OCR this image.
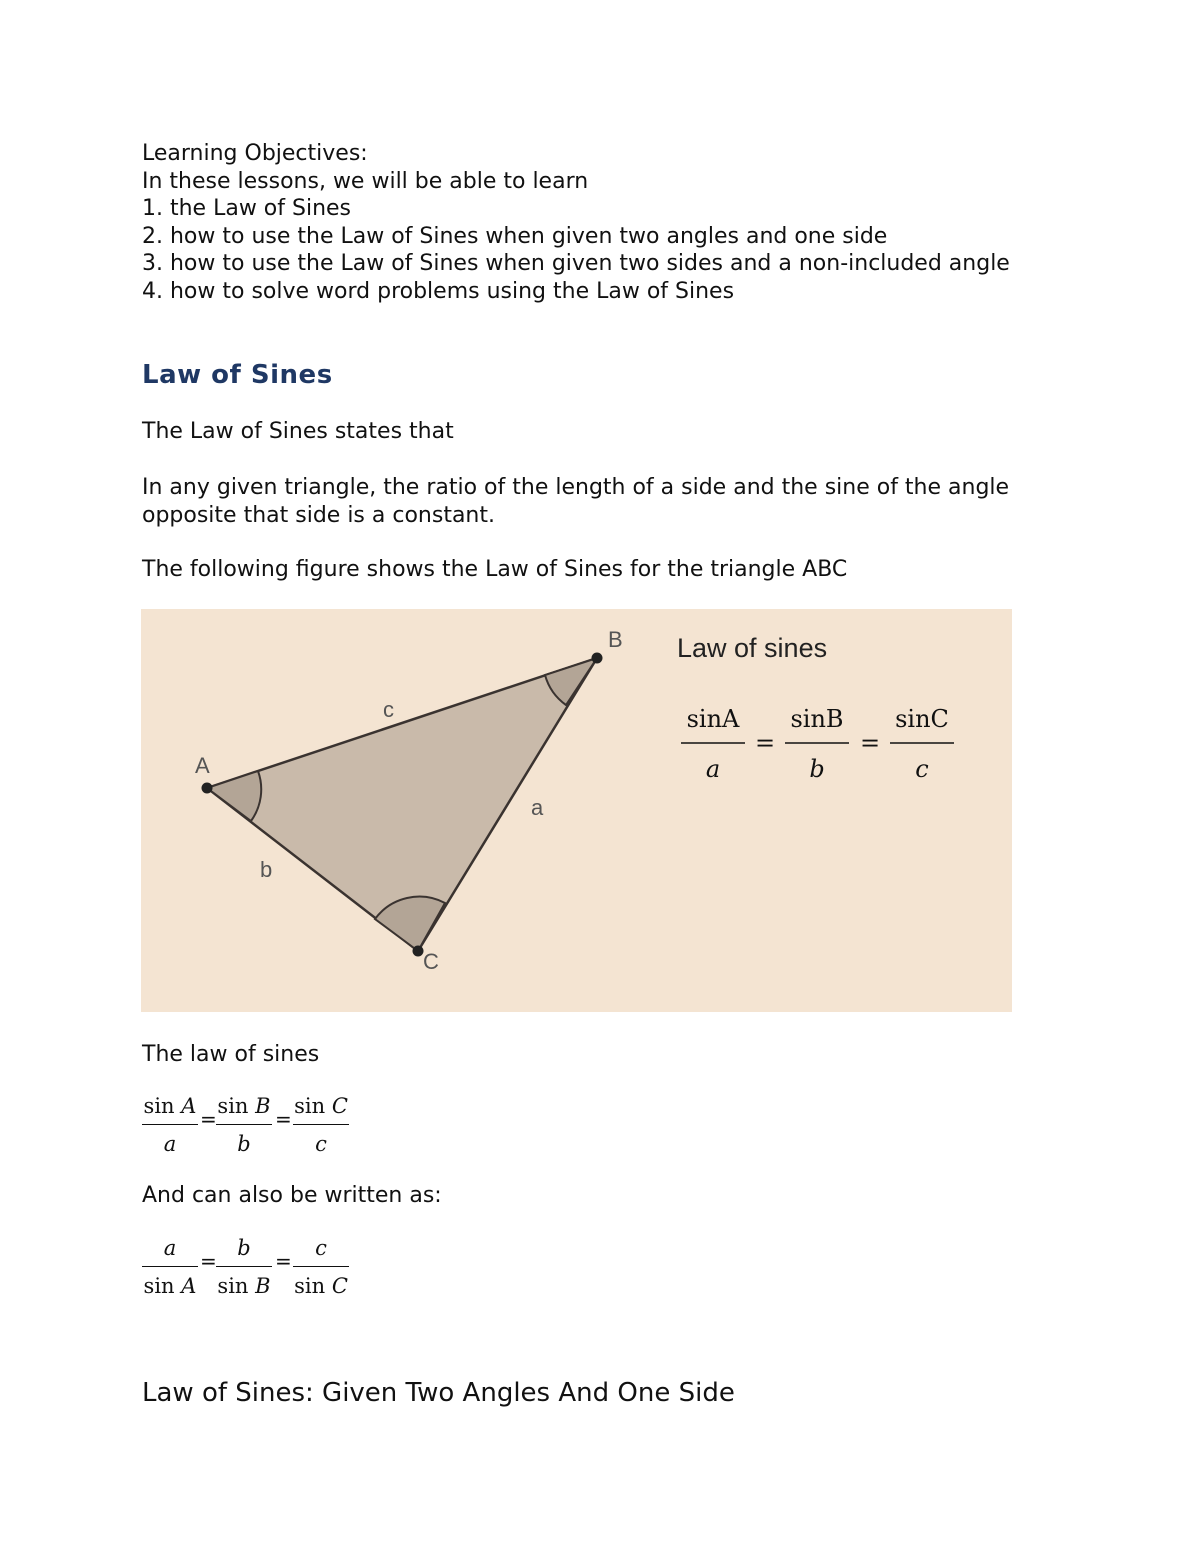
Learning Objectives:
In these lessons, we will be able to learn
1. the Law of Sines
2. how to use the Law of Sines when given two angles and one side
3. how to use the Law of Sines when given two sides and a non-included angle
4. how to solve word problems using the Law of Sines
Law of Sines
The Law of Sines states that
In any given triangle, the ratio of the length of a side and the sine of the angle opposite that side is a constant.
The following figure shows the Law of Sines for the triangle ABC
A
B
C
a
b
c
Law of sines
sinA
a
=
sinB
b
=
sinC
c
The law of sines
sin A
a
=
sin B
b
=
sin C
c
And can also be written as:
a
sin A
=
b
sin B
=
c
sin C
Law of Sines: Given Two Angles And One Side
